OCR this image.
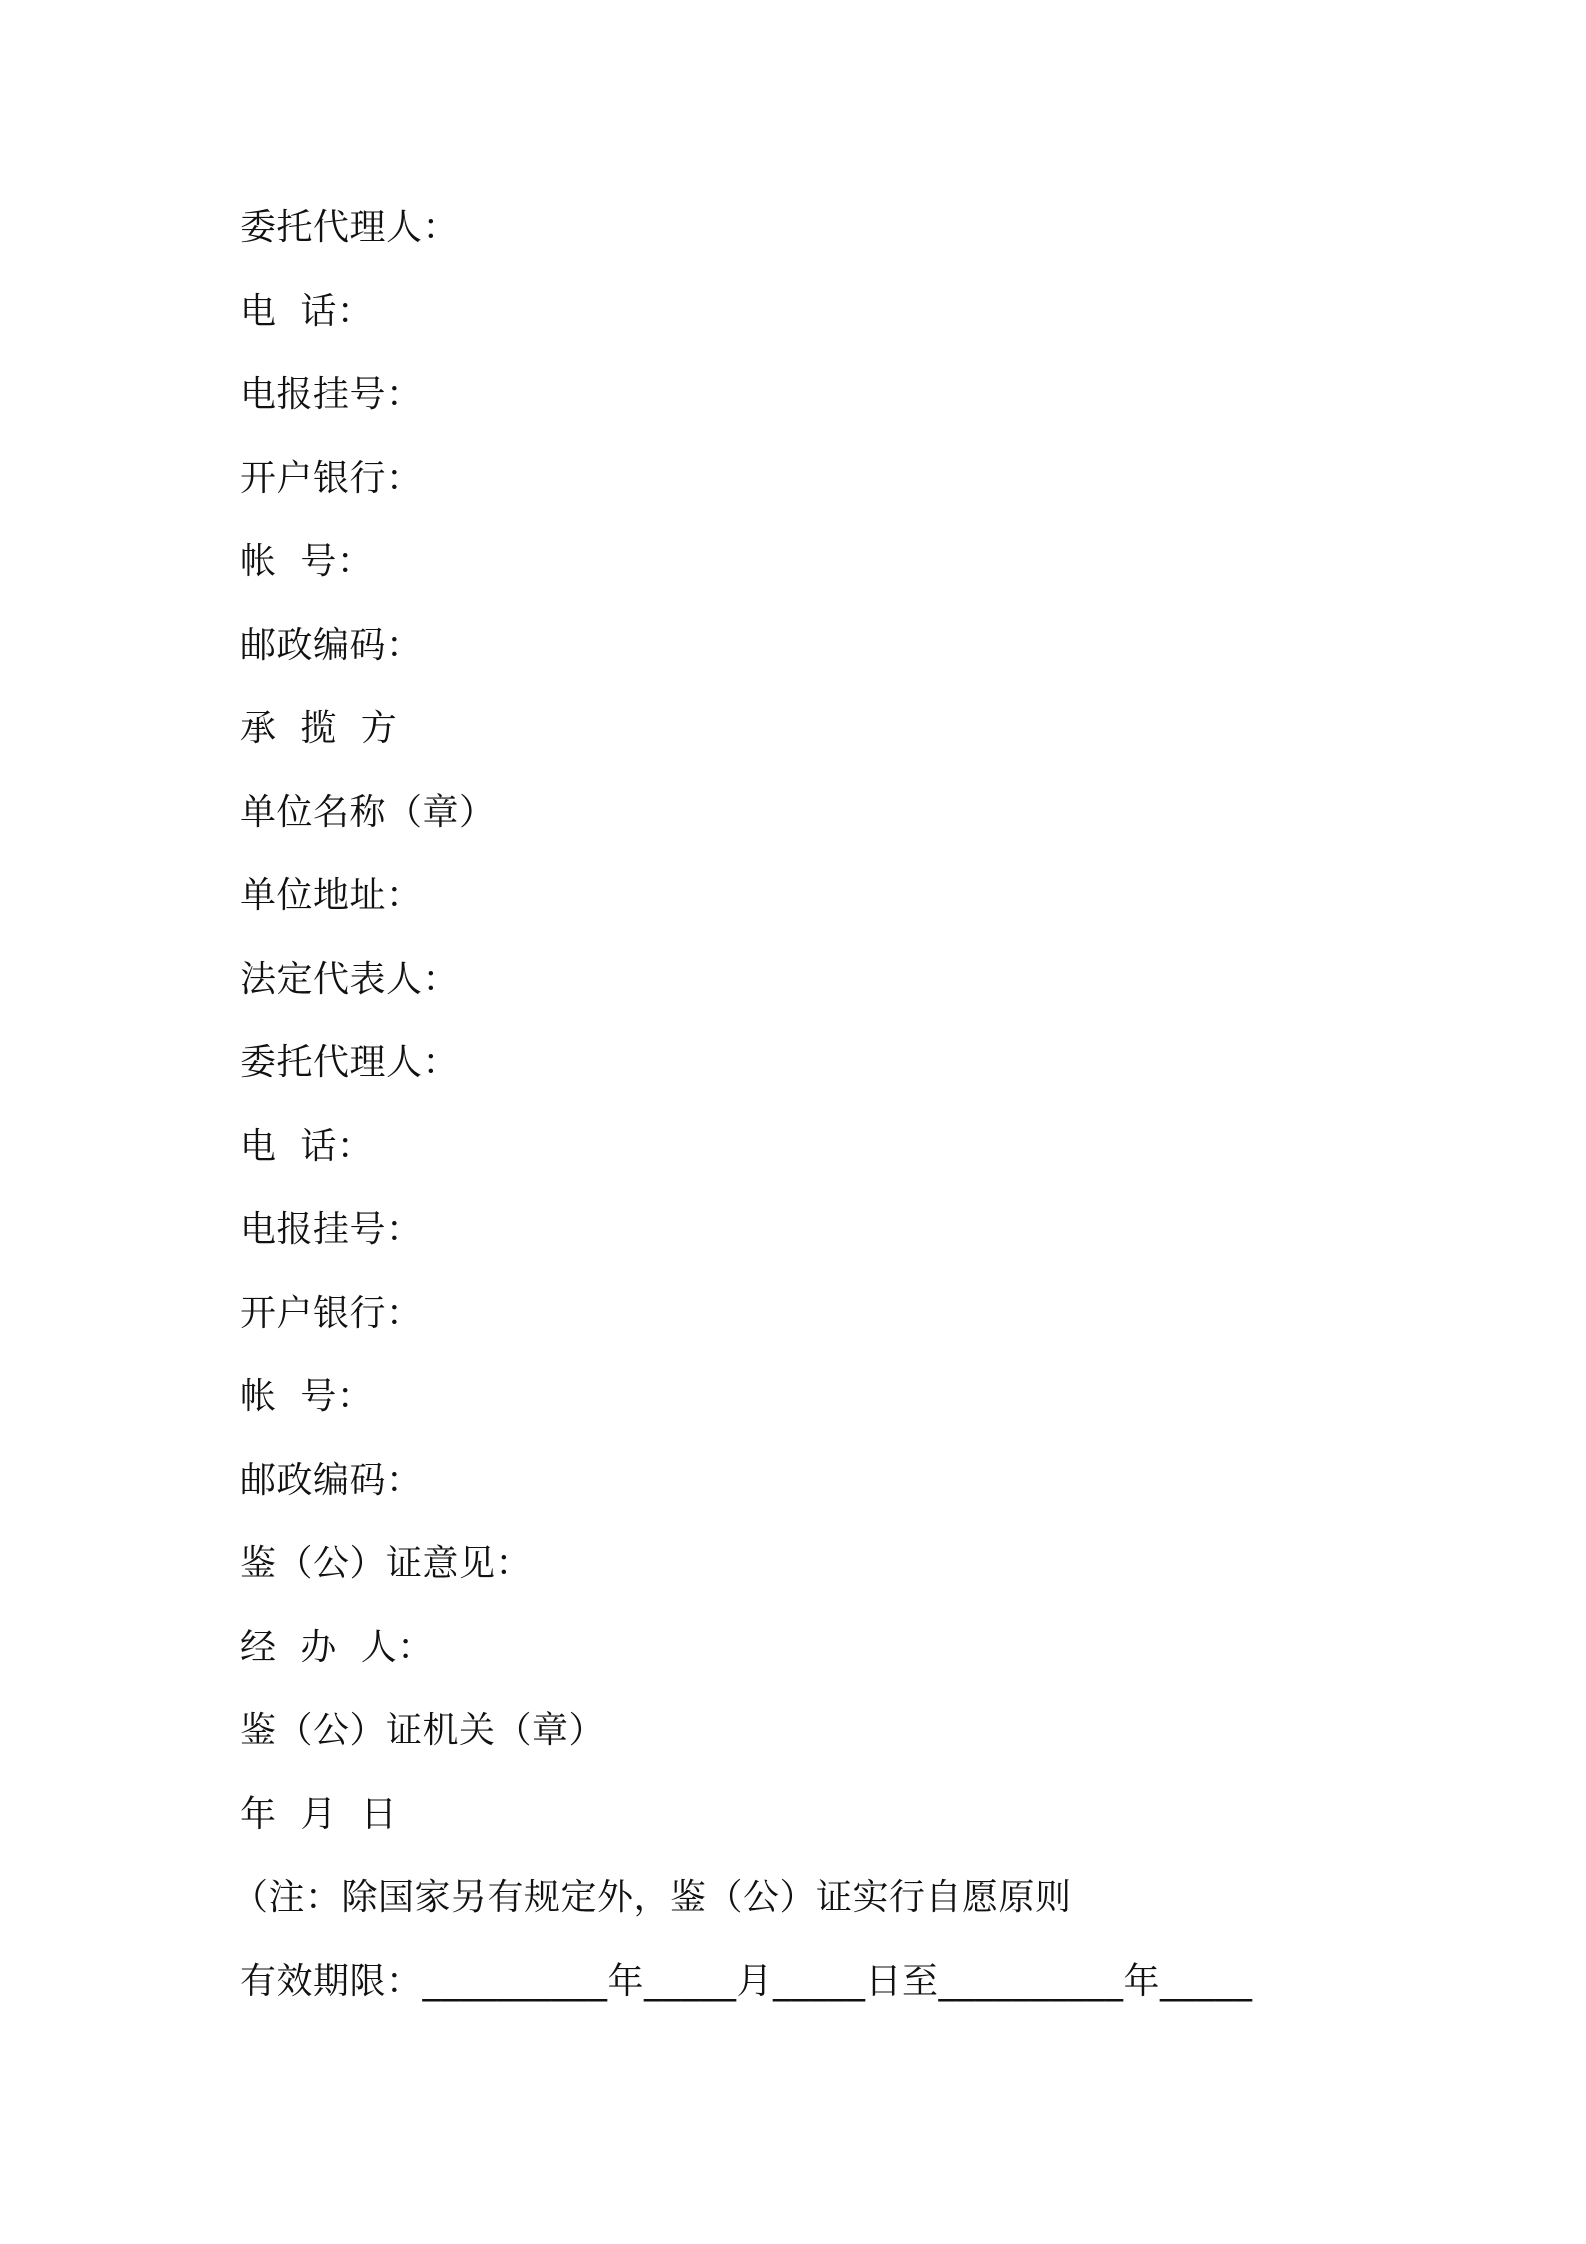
委托代理人：
电  话：
电报挂号：
开户银行：
帐  号：
邮政编码：
承  揽  方
单位名称（章）
单位地址：
法定代表人：
委托代理人：
电  话：
电报挂号：
开户银行：
帐  号：
邮政编码：
鉴（公）证意见：
经  办  人：
鉴（公）证机关（章）
年  月  日
（注：除国家另有规定外，鉴（公）证实行自愿原则
有效期限：__________年_____月_____日至__________年_____
